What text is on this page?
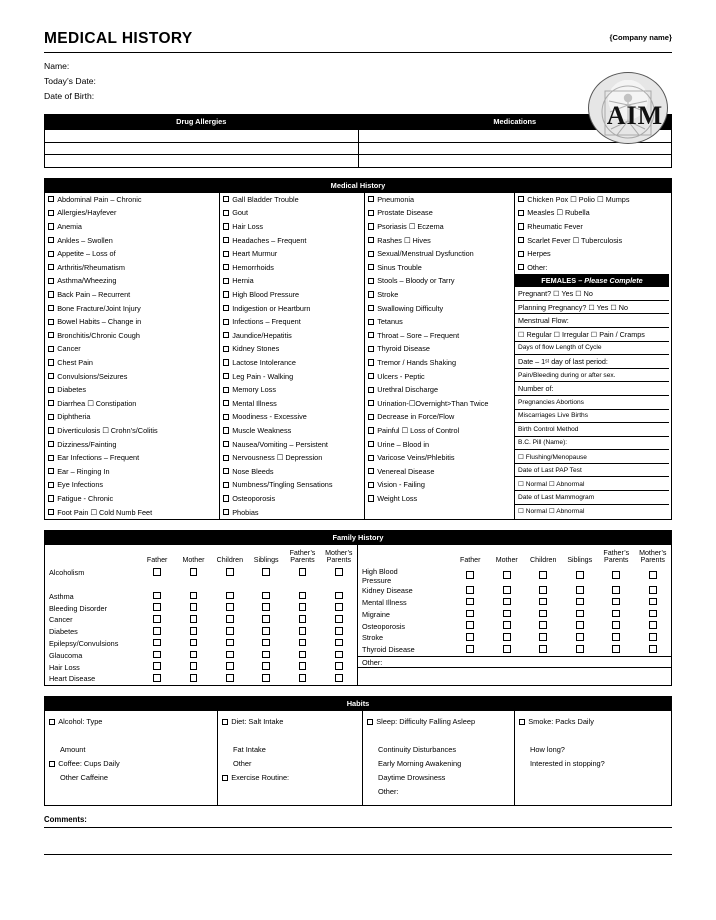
MEDICAL HISTORY	{Company name}
Name:
Today’s Date:
Date of Birth:
AIM
Drug Allergies	Medications

Medical History
Abdominal Pain – Chronic
Allergies/Hayfever
Anemia
Ankles – Swollen
Appetite – Loss of
Arthritis/Rheumatism
Asthma/Wheezing
Back Pain – Recurrent
Bone Fracture/Joint Injury
Bowel Habits – Change in
Bronchitis/Chronic Cough
Cancer
Chest Pain
Convulsions/Seizures
Diabetes
Diarrhea ☐ Constipation
Diphtheria
Diverticulosis ☐ Crohn’s/Colitis
Dizziness/Fainting
Ear Infections – Frequent
Ear – Ringing In
Eye Infections
Fatigue - Chronic
Foot Pain ☐ Cold Numb Feet
Gall Bladder Trouble
Gout
Hair Loss
Headaches – Frequent
Heart Murmur
Hemorrhoids
Hernia
High Blood Pressure
Indigestion or Heartburn
Infections – Frequent
Jaundice/Hepatitis
Kidney Stones
Lactose Intolerance
Leg Pain - Walking
Memory Loss
Mental Illness
Moodiness - Excessive
Muscle Weakness
Nausea/Vomiting – Persistent
Nervousness ☐ Depression
Nose Bleeds
Numbness/Tingling Sensations
Osteoporosis
Phobias
Pneumonia
Prostate Disease
Psoriasis ☐ Eczema
Rashes ☐ Hives
Sexual/Menstrual Dysfunction
Sinus Trouble
Stools – Bloody or Tarry
Stroke
Swallowing Difficulty
Tetanus
Throat – Sore – Frequent
Thyroid Disease
Tremor / Hands Shaking
Ulcers - Peptic
Urethral Discharge
Urination-☐Overnight>Than Twice
Decrease in Force/Flow
Painful ☐ Loss of Control
Urine – Blood in
Varicose Veins/Phlebitis
Venereal Disease
Vision - Failing
Weight Loss
Chicken Pox ☐ Polio ☐ Mumps
Measles ☐ Rubella
Rheumatic Fever
Scarlet Fever ☐ Tuberculosis
Herpes
Other:
FEMALES – Please Complete
Pregnant? ☐ Yes ☐ No
Planning Pregnancy? ☐ Yes ☐ No
Menstrual Flow:
☐ Regular ☐ Irregular ☐ Pain / Cramps
Days of flow Length of Cycle
Date – 1ˢᵗ day of last period:
Pain/Bleeding during or after sex.
Number of:
Pregnancies Abortions
Miscarriages Live Births
Birth Control Method
B.C. Pill (Name):
☐ Flushing/Menopause
Date of Last PAP Test
☐ Normal ☐ Abnormal
Date of Last Mammogram
☐ Normal ☐ Abnormal
Family History
	Father	Mother	Children	Siblings	Father’s
Parents	Mother’s
Parents
Alcoholism						

Asthma						
Bleeding Disorder						
Cancer						
Diabetes						
Epilepsy/Convulsions						
Glaucoma						
Hair Loss						
Heart Disease						
	Father	Mother	Children	Siblings	Father’s
Parents	Mother’s
Parents
High Blood
Pressure						
Kidney Disease						
Mental Illness						
Migraine						
Osteoporosis						
Stroke						
Thyroid Disease						
Other:

Habits
Alcohol: Type

Amount
Coffee: Cups Daily
Other Caffeine
Diet: Salt Intake

Fat Intake
Other
Exercise Routine:
Sleep: Difficulty Falling Asleep

Continuity Disturbances
Early Morning Awakening
Daytime Drowsiness
Other:
Smoke: Packs Daily

How long?
Interested in stopping?
Comments:
